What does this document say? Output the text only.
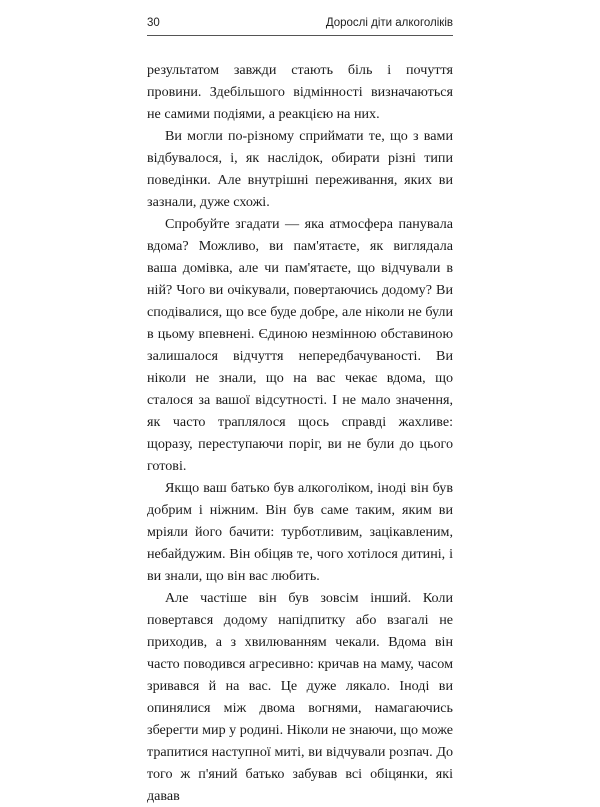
30	Дорослі діти алкоголіків

результатом завжди стають біль і почуття провини. Здебільшого відмінності визначаються не самими подіями, а реакцією на них.

Ви могли по-різному сприймати те, що з вами відбувалося, і, як наслідок, обирати різні типи поведінки. Але внутрішні переживання, яких ви зазнали, дуже схожі.

Спробуйте згадати — яка атмосфера панувала вдома? Можливо, ви пам'ятаєте, як виглядала ваша домівка, але чи пам'ятаєте, що відчували в ній? Чого ви очікували, повертаючись додому? Ви сподівалися, що все буде добре, але ніколи не були в цьому впевнені. Єдиною незмінною обставиною залишалося відчуття непередбачуваності. Ви ніколи не знали, що на вас чекає вдома, що сталося за вашої відсутності. І не мало значення, як часто траплялося щось справді жахливе: щоразу, переступаючи поріг, ви не були до цього готові.

Якщо ваш батько був алкоголіком, іноді він був добрим і ніжним. Він був саме таким, яким ви мріяли його бачити: турботливим, зацікавленим, небайдужим. Він обіцяв те, чого хотілося дитині, і ви знали, що він вас любить.

Але частіше він був зовсім інший. Коли повертався додому напідпитку або взагалі не приходив, а з хвилюванням чекали. Вдома він часто поводився агресивно: кричав на маму, часом зривався й на вас. Це дуже лякало. Іноді ви опинялися між двома вогнями, намагаючись зберегти мир у родині. Ніколи не знаючи, що може трапитися наступної миті, ви відчували розпач. До того ж п'яний батько забував всі обіцянки, які давав
